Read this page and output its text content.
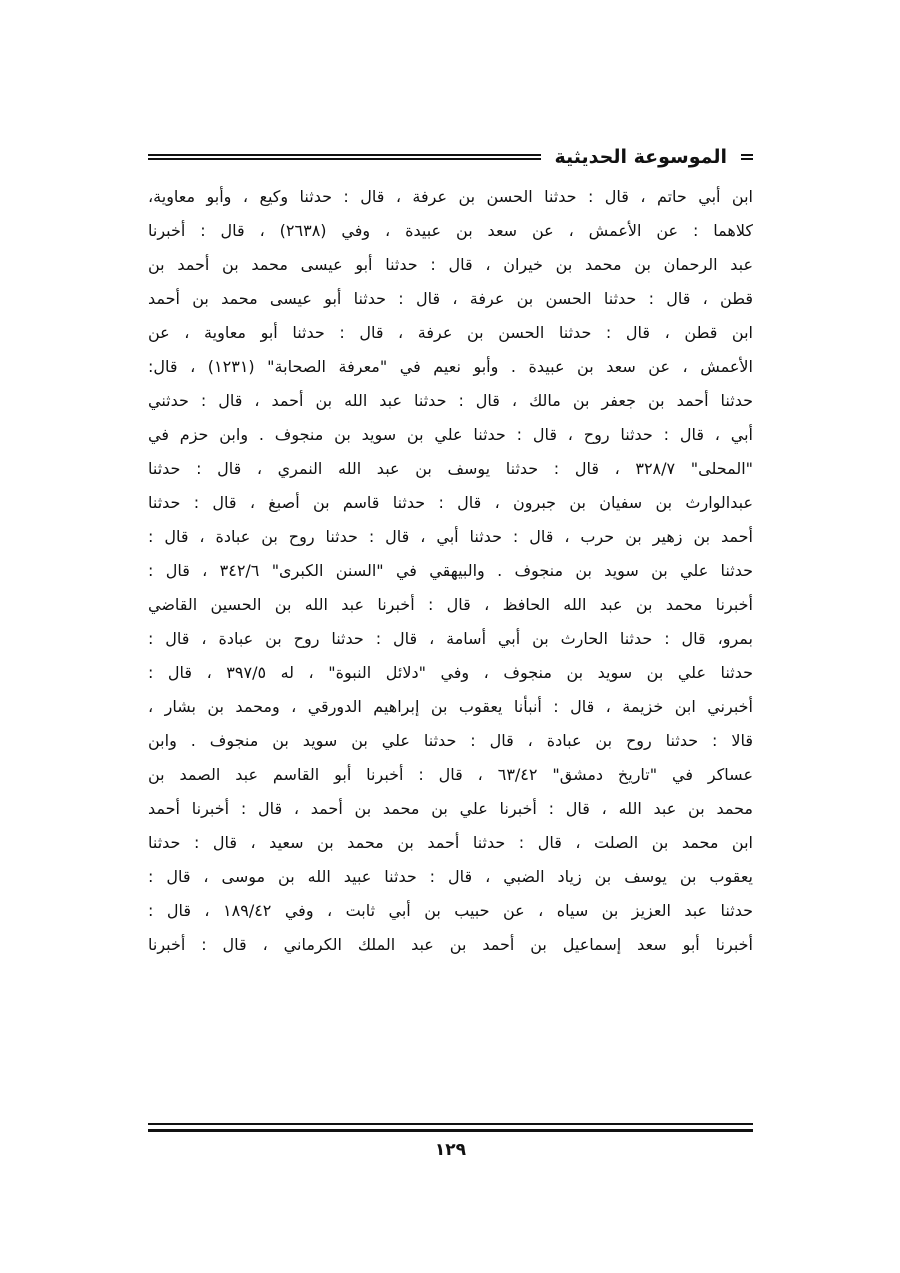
الموسوعة الحديثية
ابن أبي حاتم ، قال : حدثنا الحسن بن عرفة ، قال : حدثنا وكيع ، وأبو معاوية،
كلاهما : عن الأعمش ، عن سعد بن عبيدة ، وفي (٢٦٣٨) ، قال : أخبرنا
عبد الرحمان بن محمد بن خيران ، قال : حدثنا أبو عيسى محمد بن أحمد بن
قطن ، قال : حدثنا الحسن بن عرفة ، قال : حدثنا أبو عيسى محمد بن أحمد
ابن قطن ، قال : حدثنا الحسن بن عرفة ، قال : حدثنا أبو معاوية ، عن
الأعمش ، عن سعد بن عبيدة . وأبو نعيم في "معرفة الصحابة" (١٢٣١) ، قال:
حدثنا أحمد بن جعفر بن مالك ، قال : حدثنا عبد الله بن أحمد ، قال : حدثني
أبي ، قال : حدثنا روح ، قال : حدثنا علي بن سويد بن منجوف . وابن حزم في
"المحلى" ٣٢٨/٧ ، قال : حدثنا يوسف بن عبد الله النمري ، قال : حدثنا
عبدالوارث بن سفيان بن جبرون ، قال : حدثنا قاسم بن أصبغ ، قال : حدثنا
أحمد بن زهير بن حرب ، قال : حدثنا أبي ، قال : حدثنا روح بن عبادة ، قال :
حدثنا علي بن سويد بن منجوف . والبيهقي في "السنن الكبرى" ٣٤٢/٦ ، قال :
أخبرنا محمد بن عبد الله الحافظ ، قال : أخبرنا عبد الله بن الحسين القاضي
بمرو، قال : حدثنا الحارث بن أبي أسامة ، قال : حدثنا روح بن عبادة ، قال :
حدثنا علي بن سويد بن منجوف ، وفي "دلائل النبوة" ، له ٣٩٧/٥ ، قال :
أخبرني ابن خزيمة ، قال : أنبأنا يعقوب بن إبراهيم الدورقي ، ومحمد بن بشار ،
قالا : حدثنا روح بن عبادة ، قال : حدثنا علي بن سويد بن منجوف . وابن
عساكر في "تاريخ دمشق" ٦٣/٤٢ ، قال : أخبرنا أبو القاسم عبد الصمد بن
محمد بن عبد الله ، قال : أخبرنا علي بن محمد بن أحمد ، قال : أخبرنا أحمد
ابن محمد بن الصلت ، قال : حدثنا أحمد بن محمد بن سعيد ، قال : حدثنا
يعقوب بن يوسف بن زياد الضبي ، قال : حدثنا عبيد الله بن موسى ، قال :
حدثنا عبد العزيز بن سياه ، عن حبيب بن أبي ثابت ، وفي ١٨٩/٤٢ ، قال :
أخبرنا أبو سعد إسماعيل بن أحمد بن عبد الملك الكرماني ، قال : أخبرنا
١٢٩
